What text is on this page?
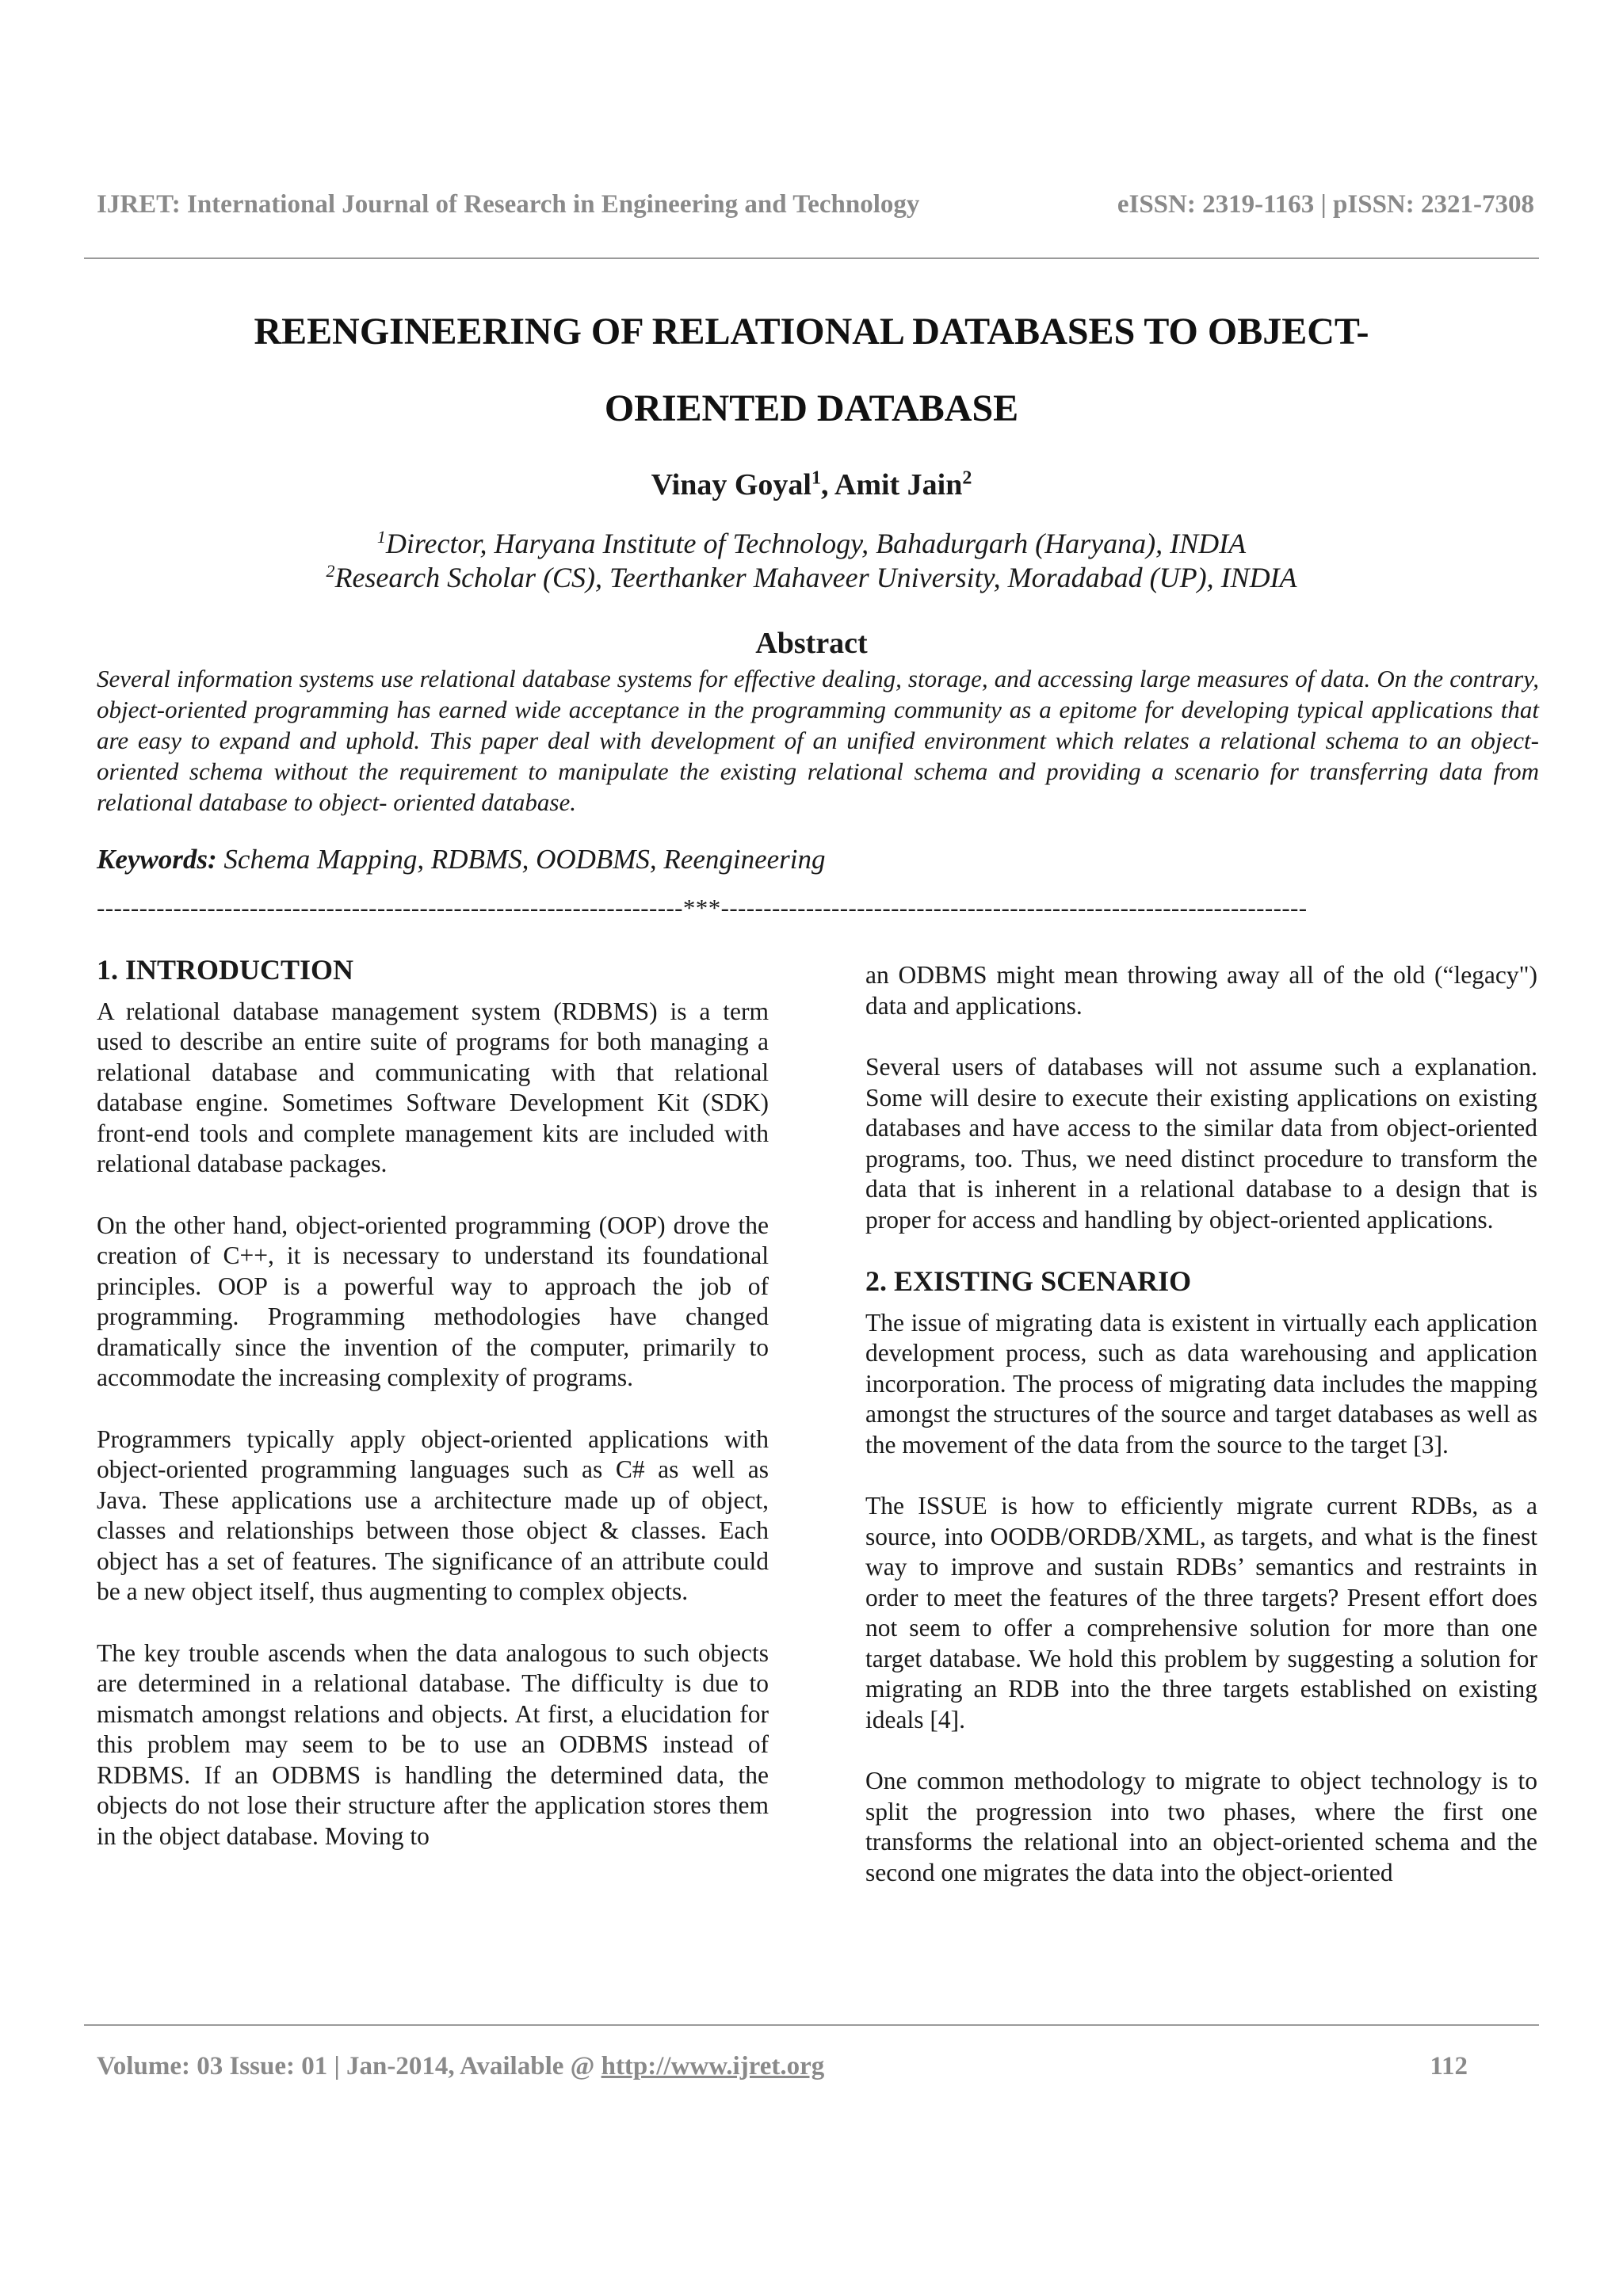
IJRET: International Journal of Research in Engineering and Technology	eISSN: 2319-1163 | pISSN: 2321-7308
REENGINEERING OF RELATIONAL DATABASES TO OBJECT-
ORIENTED DATABASE
Vinay Goyal$^1$, Amit Jain$^2$
$^1$Director, Haryana Institute of Technology, Bahadurgarh (Haryana), INDIA
$^2$Research Scholar (CS), Teerthanker Mahaveer University, Moradabad (UP), INDIA
Abstract

Several information systems use relational database systems for effective dealing, storage, and accessing large measures of data. On the contrary, object-oriented programming has earned wide acceptance in the programming community as a epitome for developing typical applications that are easy to expand and uphold. This paper deal with development of an unified environment which relates a relational schema to an object-oriented schema without the requirement to manipulate the existing relational schema and providing a scenario for transferring data from relational database to object- oriented database.

Keywords: Schema Mapping, RDBMS, OODBMS, Reengineering

---------------------------------------------------------------------***---------------------------------------------------------------------
1. INTRODUCTION

A relational database management system (RDBMS) is a term used to describe an entire suite of programs for both managing a relational database and communicating with that relational database engine. Sometimes Software Development Kit (SDK) front-end tools and complete management kits are included with relational database packages.

On the other hand, object-oriented programming (OOP) drove the creation of C++, it is necessary to understand its foundational principles. OOP is a powerful way to approach the job of programming. Programming methodologies have changed dramatically since the invention of the computer, primarily to accommodate the increasing complexity of programs.

Programmers typically apply object-oriented applications with object-oriented programming languages such as C# as well as Java. These applications use a architecture made up of object, classes and relationships between those object & classes. Each object has a set of features. The significance of an attribute could be a new object itself, thus augmenting to complex objects.

The key trouble ascends when the data analogous to such objects are determined in a relational database. The difficulty is due to mismatch amongst relations and objects. At first, a elucidation for this problem may seem to be to use an ODBMS instead of RDBMS. If an ODBMS is handling the determined data, the objects do not lose their structure after the application stores them in the object database. Moving to

an ODBMS might mean throwing away all of the old (“legacy") data and applications.

Several users of databases will not assume such a explanation. Some will desire to execute their existing applications on existing databases and have access to the similar data from object-oriented programs, too. Thus, we need distinct procedure to transform the data that is inherent in a relational database to a design that is proper for access and handling by object-oriented applications.

2. EXISTING SCENARIO

The issue of migrating data is existent in virtually each application development process, such as data warehousing and application incorporation. The process of migrating data includes the mapping amongst the structures of the source and target databases as well as the movement of the data from the source to the target [3].

The ISSUE is how to efficiently migrate current RDBs, as a source, into OODB/ORDB/XML, as targets, and what is the finest way to improve and sustain RDBs’ semantics and restraints in order to meet the features of the three targets? Present effort does not seem to offer a comprehensive solution for more than one target database. We hold this problem by suggesting a solution for migrating an RDB into the three targets established on existing ideals [4].

One common methodology to migrate to object technology is to split the progression into two phases, where the first one transforms the relational into an object-oriented schema and the second one migrates the data into the object-oriented

Volume: 03 Issue: 01 | Jan-2014, Available @ http://www.ijret.org	112
